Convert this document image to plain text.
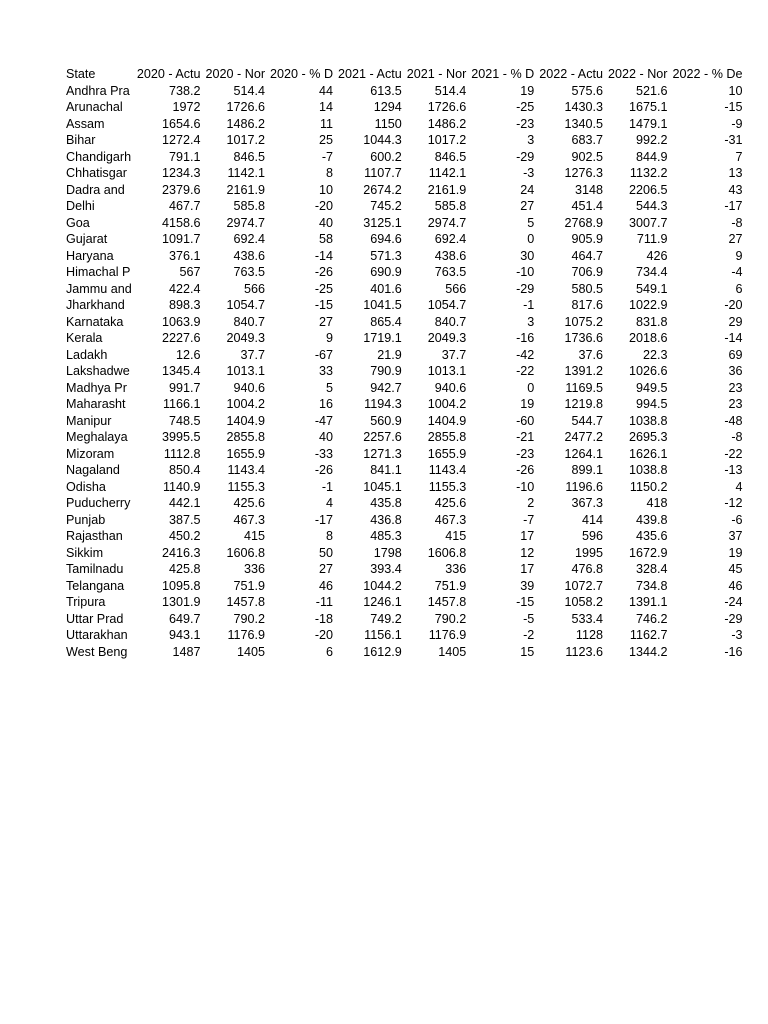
State	2020 - Actu	2020 - Nor	2020 - % D	2021 - Actu	2021 - Nor	2021 - % D	2022 - Actu	2022 - Nor	2022 - % De
Andhra Pra	738.2	514.4	44	613.5	514.4	19	575.6	521.6	10
Arunachal	1972	1726.6	14	1294	1726.6	-25	1430.3	1675.1	-15
Assam	1654.6	1486.2	11	1150	1486.2	-23	1340.5	1479.1	-9
Bihar	1272.4	1017.2	25	1044.3	1017.2	3	683.7	992.2	-31
Chandigarh	791.1	846.5	-7	600.2	846.5	-29	902.5	844.9	7
Chhatisgar	1234.3	1142.1	8	1107.7	1142.1	-3	1276.3	1132.2	13
Dadra and	2379.6	2161.9	10	2674.2	2161.9	24	3148	2206.5	43
Delhi	467.7	585.8	-20	745.2	585.8	27	451.4	544.3	-17
Goa	4158.6	2974.7	40	3125.1	2974.7	5	2768.9	3007.7	-8
Gujarat	1091.7	692.4	58	694.6	692.4	0	905.9	711.9	27
Haryana	376.1	438.6	-14	571.3	438.6	30	464.7	426	9
Himachal P	567	763.5	-26	690.9	763.5	-10	706.9	734.4	-4
Jammu and	422.4	566	-25	401.6	566	-29	580.5	549.1	6
Jharkhand	898.3	1054.7	-15	1041.5	1054.7	-1	817.6	1022.9	-20
Karnataka	1063.9	840.7	27	865.4	840.7	3	1075.2	831.8	29
Kerala	2227.6	2049.3	9	1719.1	2049.3	-16	1736.6	2018.6	-14
Ladakh	12.6	37.7	-67	21.9	37.7	-42	37.6	22.3	69
Lakshadwe	1345.4	1013.1	33	790.9	1013.1	-22	1391.2	1026.6	36
Madhya Pr	991.7	940.6	5	942.7	940.6	0	1169.5	949.5	23
Maharasht	1166.1	1004.2	16	1194.3	1004.2	19	1219.8	994.5	23
Manipur	748.5	1404.9	-47	560.9	1404.9	-60	544.7	1038.8	-48
Meghalaya	3995.5	2855.8	40	2257.6	2855.8	-21	2477.2	2695.3	-8
Mizoram	1112.8	1655.9	-33	1271.3	1655.9	-23	1264.1	1626.1	-22
Nagaland	850.4	1143.4	-26	841.1	1143.4	-26	899.1	1038.8	-13
Odisha	1140.9	1155.3	-1	1045.1	1155.3	-10	1196.6	1150.2	4
Puducherry	442.1	425.6	4	435.8	425.6	2	367.3	418	-12
Punjab	387.5	467.3	-17	436.8	467.3	-7	414	439.8	-6
Rajasthan	450.2	415	8	485.3	415	17	596	435.6	37
Sikkim	2416.3	1606.8	50	1798	1606.8	12	1995	1672.9	19
Tamilnadu	425.8	336	27	393.4	336	17	476.8	328.4	45
Telangana	1095.8	751.9	46	1044.2	751.9	39	1072.7	734.8	46
Tripura	1301.9	1457.8	-11	1246.1	1457.8	-15	1058.2	1391.1	-24
Uttar Prad	649.7	790.2	-18	749.2	790.2	-5	533.4	746.2	-29
Uttarakhan	943.1	1176.9	-20	1156.1	1176.9	-2	1128	1162.7	-3
West Beng	1487	1405	6	1612.9	1405	15	1123.6	1344.2	-16
